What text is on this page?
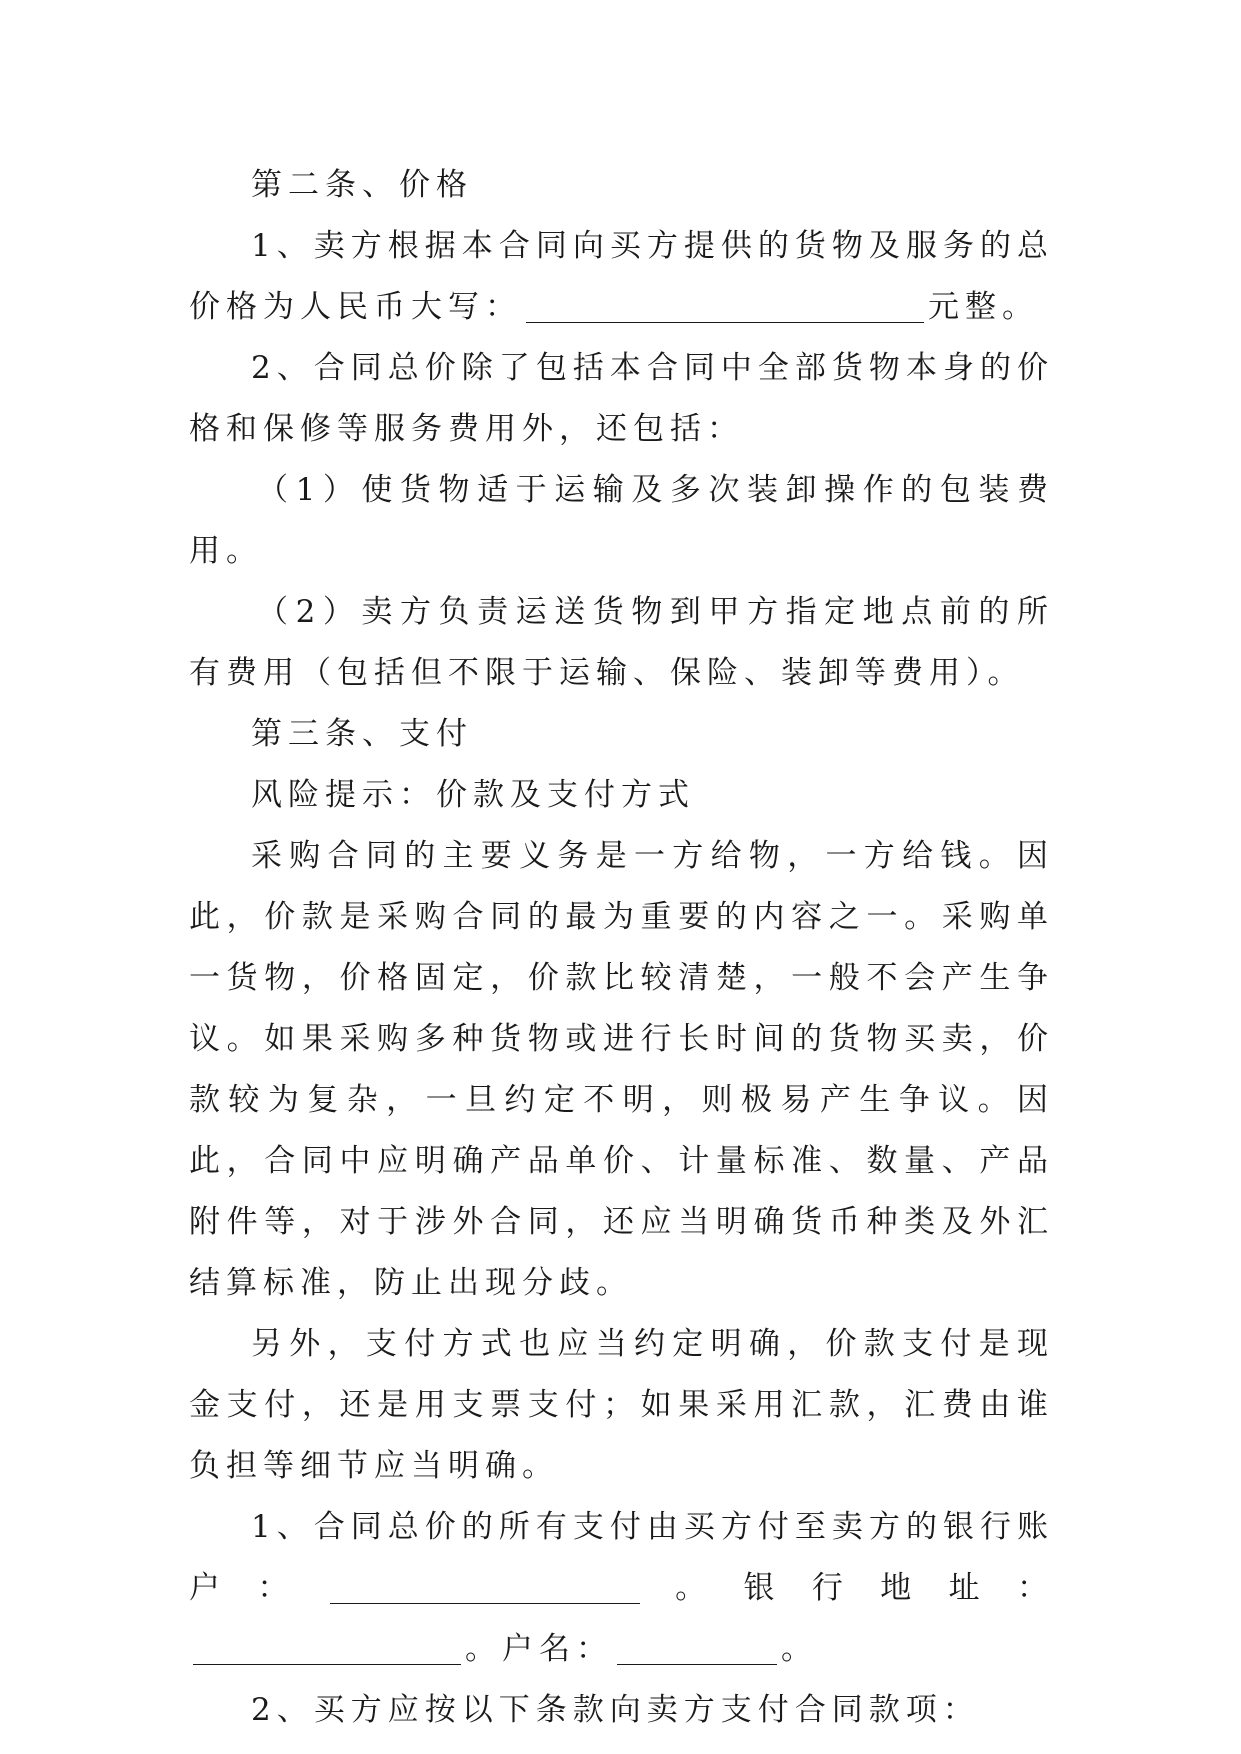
第二条、价格

1、卖方根据本合同向买方提供的货物及服务的总价格为人民币大写：	元整。

2、合同总价除了包括本合同中全部货物本身的价格和保修等服务费用外，还包括：

（1）使货物适于运输及多次装卸操作的包装费用。

（2）卖方负责运送货物到甲方指定地点前的所有费用（包括但不限于运输、保险、装卸等费用）。

第三条、支付

风险提示：价款及支付方式

采购合同的主要义务是一方给物，一方给钱。因此，价款是采购合同的最为重要的内容之一。采购单一货物，价格固定，价款比较清楚，一般不会产生争议。如果采购多种货物或进行长时间的货物买卖，价款较为复杂，一旦约定不明，则极易产生争议。因此，合同中应明确产品单价、计量标准、数量、产品附件等，对于涉外合同，还应当明确货币种类及外汇结算标准，防止出现分歧。

另外，支付方式也应当约定明确，价款支付是现金支付，还是用支票支付；如果采用汇款，汇费由谁负担等细节应当明确。

1、合同总价的所有支付由买方付至卖方的银行账户：	。银行地址：。户名：	。

2、买方应按以下条款向卖方支付合同款项：
